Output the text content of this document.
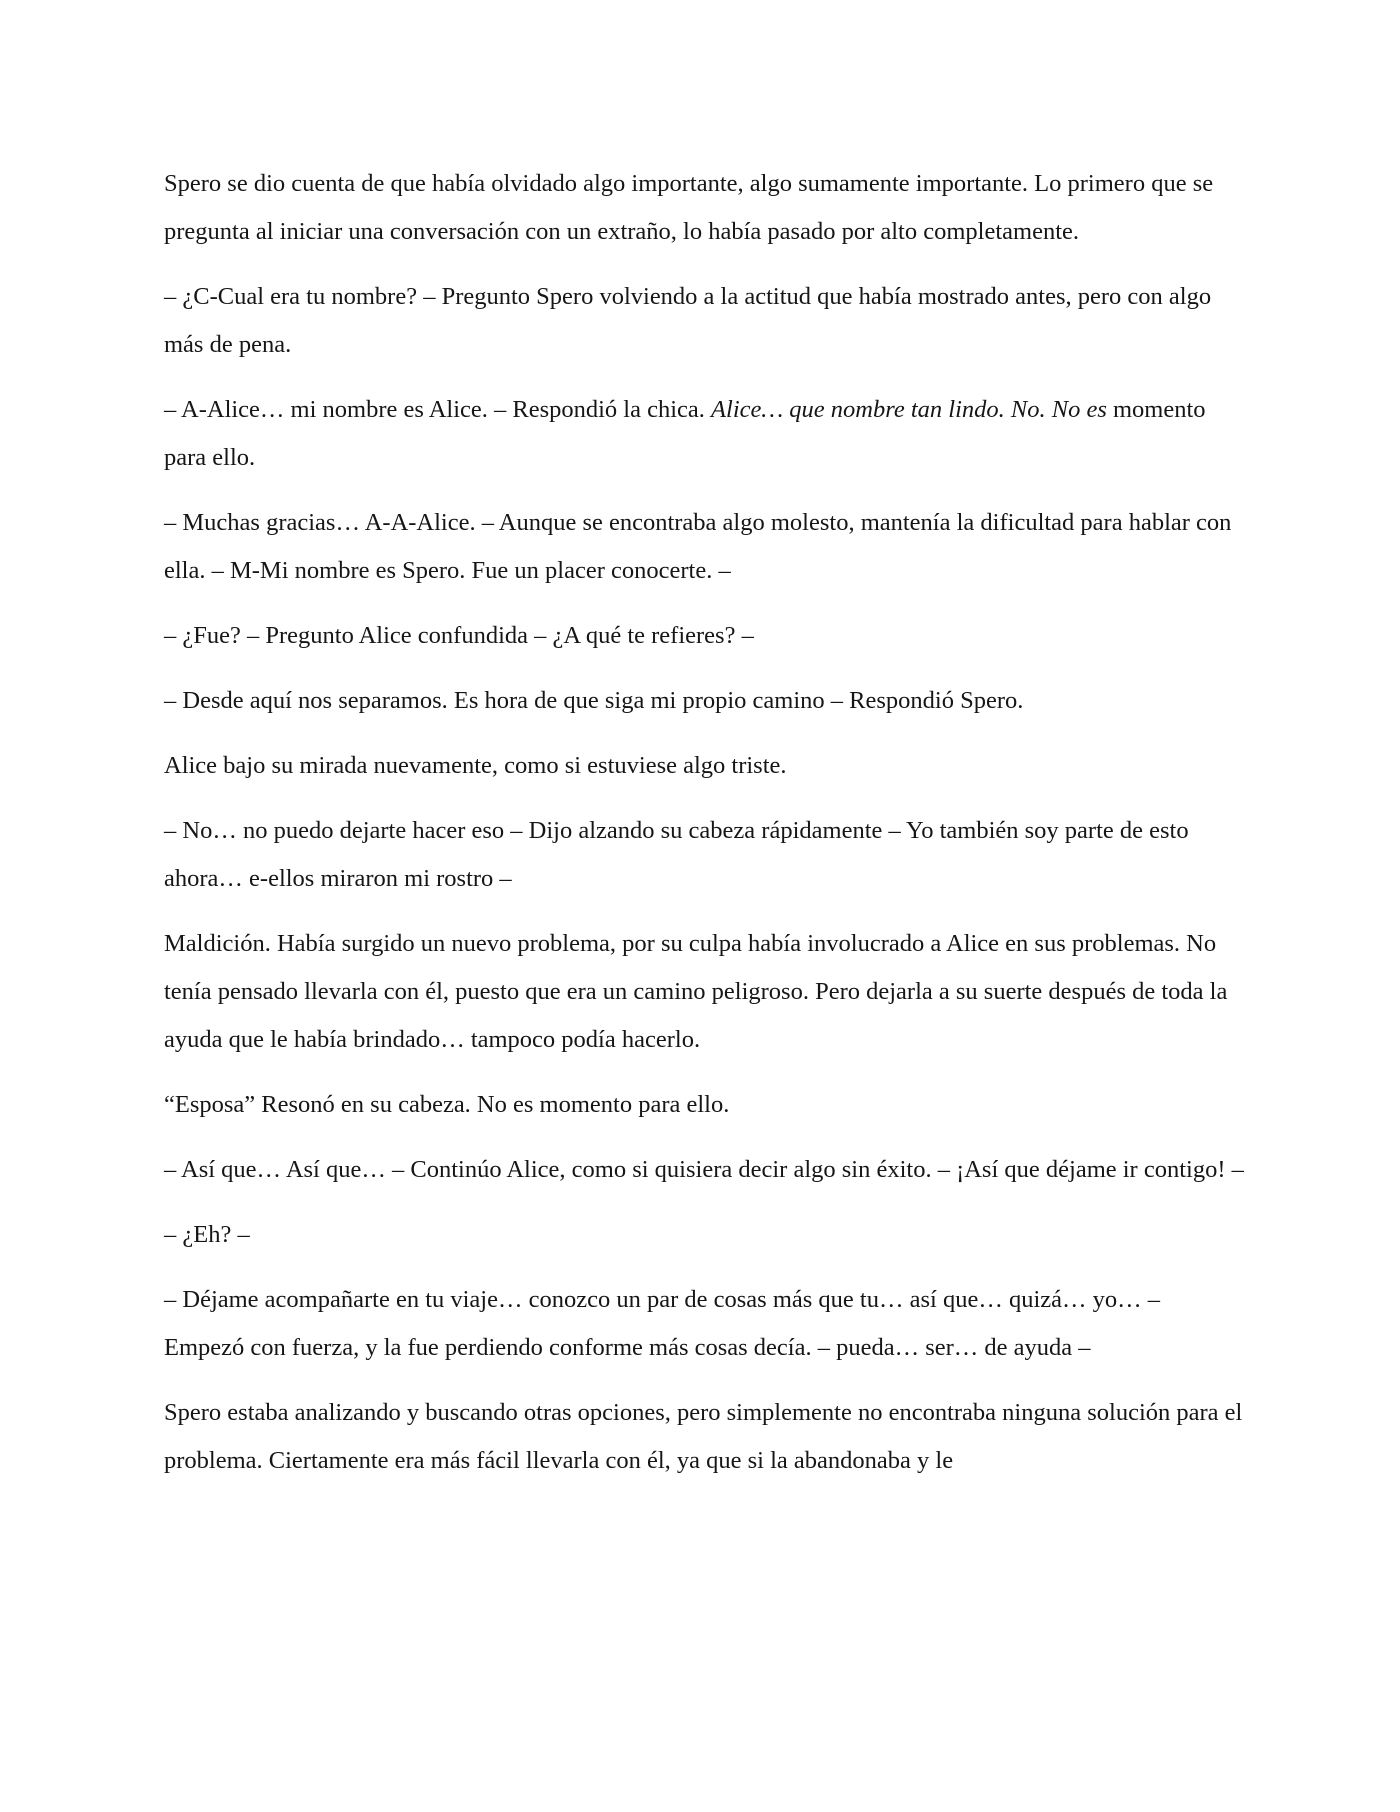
Spero se dio cuenta de que había olvidado algo importante, algo sumamente importante. Lo primero que se pregunta al iniciar una conversación con un extraño, lo había pasado por alto completamente.

– ¿C-Cual era tu nombre? – Pregunto Spero volviendo a la actitud que había mostrado antes, pero con algo más de pena.

– A-Alice… mi nombre es Alice. – Respondió la chica. Alice… que nombre tan lindo. No. No es momento para ello.

– Muchas gracias… A-A-Alice. – Aunque se encontraba algo molesto, mantenía la dificultad para hablar con ella. – M-Mi nombre es Spero. Fue un placer conocerte. –

– ¿Fue? – Pregunto Alice confundida – ¿A qué te refieres? –

– Desde aquí nos separamos. Es hora de que siga mi propio camino – Respondió Spero.

Alice bajo su mirada nuevamente, como si estuviese algo triste.

– No… no puedo dejarte hacer eso – Dijo alzando su cabeza rápidamente – Yo también soy parte de esto ahora… e-ellos miraron mi rostro –

Maldición. Había surgido un nuevo problema, por su culpa había involucrado a Alice en sus problemas. No tenía pensado llevarla con él, puesto que era un camino peligroso. Pero dejarla a su suerte después de toda la ayuda que le había brindado… tampoco podía hacerlo.

“Esposa” Resonó en su cabeza. No es momento para ello.

– Así que… Así que… – Continúo Alice, como si quisiera decir algo sin éxito. – ¡Así que déjame ir contigo! –

– ¿Eh? –

– Déjame acompañarte en tu viaje… conozco un par de cosas más que tu… así que… quizá… yo… – Empezó con fuerza, y la fue perdiendo conforme más cosas decía. – pueda… ser… de ayuda –

Spero estaba analizando y buscando otras opciones, pero simplemente no encontraba ninguna solución para el problema. Ciertamente era más fácil llevarla con él, ya que si la abandonaba y le
